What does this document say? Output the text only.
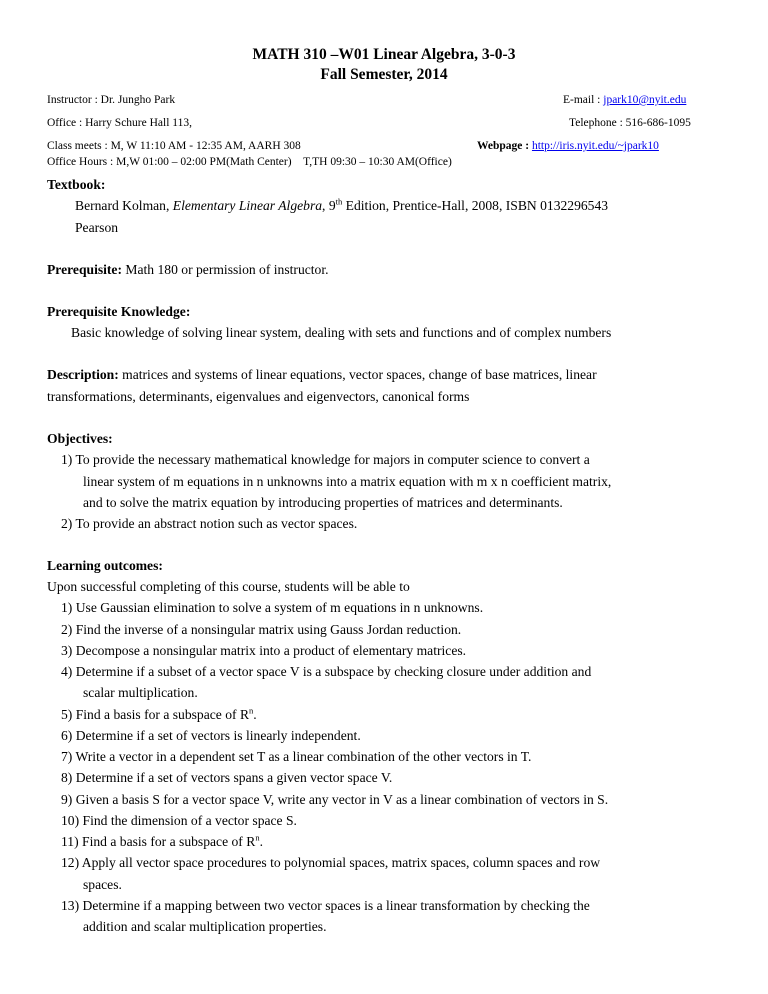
MATH 310 –W01 Linear Algebra, 3-0-3
Fall Semester, 2014
Instructor : Dr. Jungho Park	E-mail : jpark10@nyit.edu
Office : Harry Schure Hall 113,	Telephone : 516-686-1095
Class meets : M, W 11:10 AM - 12:35 AM, AARH 308	Webpage : http://iris.nyit.edu/~jpark10
Office Hours : M,W 01:00 – 02:00 PM(Math Center) T,TH 09:30 – 10:30 AM(Office)
Textbook:
Bernard Kolman, Elementary Linear Algebra, 9th Edition, Prentice-Hall, 2008, ISBN 0132296543
Pearson
Prerequisite: Math 180 or permission of instructor.
Prerequisite Knowledge:
Basic knowledge of solving linear system, dealing with sets and functions and of complex numbers
Description: matrices and systems of linear equations, vector spaces, change of base matrices, linear
transformations, determinants, eigenvalues and eigenvectors, canonical forms
Objectives:
1) To provide the necessary mathematical knowledge for majors in computer science to convert a
linear system of m equations in n unknowns into a matrix equation with m x n coefficient matrix,
and to solve the matrix equation by introducing properties of matrices and determinants.
2) To provide an abstract notion such as vector spaces.
Learning outcomes:
Upon successful completing of this course, students will be able to
1) Use Gaussian elimination to solve a system of m equations in n unknowns.
2) Find the inverse of a nonsingular matrix using Gauss Jordan reduction.
3) Decompose a nonsingular matrix into a product of elementary matrices.
4) Determine if a subset of a vector space V is a subspace by checking closure under addition and
scalar multiplication.
5) Find a basis for a subspace of $R^n$.
6) Determine if a set of vectors is linearly independent.
7) Write a vector in a dependent set T as a linear combination of the other vectors in T.
8) Determine if a set of vectors spans a given vector space V.
9) Given a basis S for a vector space V, write any vector in V as a linear combination of vectors in S.
10) Find the dimension of a vector space S.
11) Find a basis for a subspace of $R^n$.
12) Apply all vector space procedures to polynomial spaces, matrix spaces, column spaces and row
spaces.
13) Determine if a mapping between two vector spaces is a linear transformation by checking the
addition and scalar multiplication properties.
